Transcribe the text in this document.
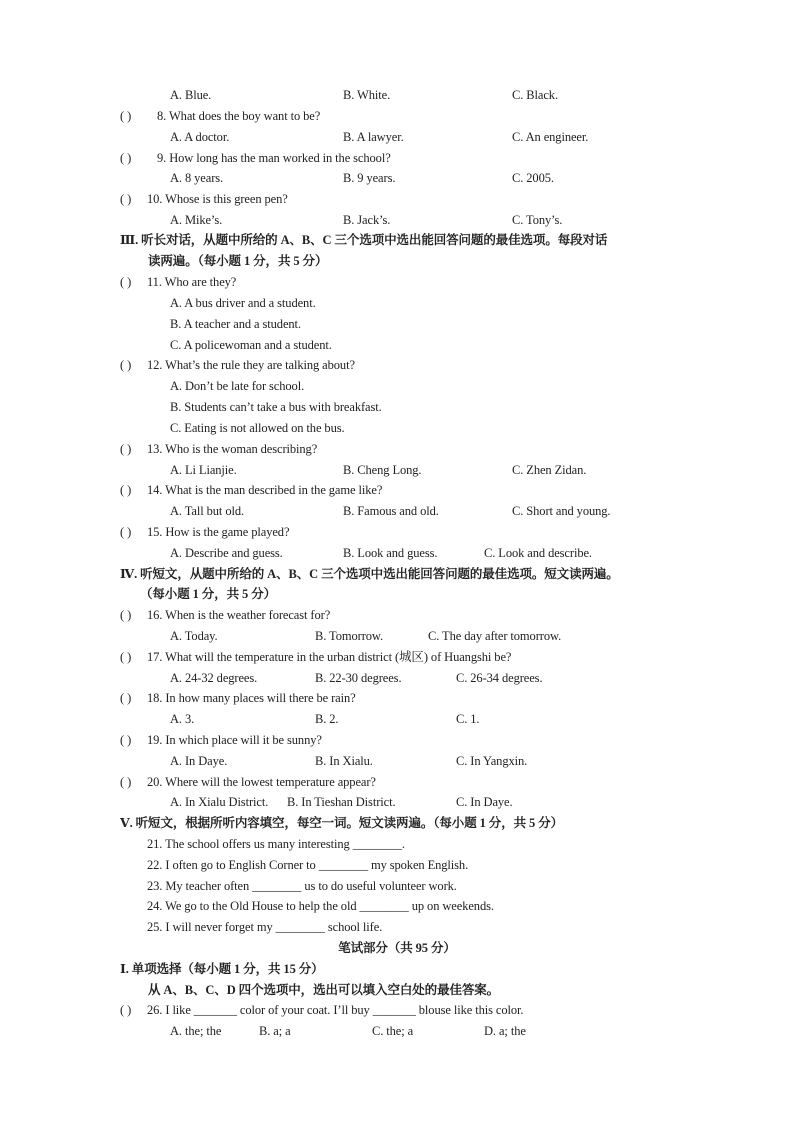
A. Blue.	B. White.	C. Black.
( ) 8. What does the boy want to be?
A. A doctor.	B. A lawyer.	C. An engineer.
( ) 9. How long has the man worked in the school?
A. 8 years.	B. 9 years.	C. 2005.
( ) 10. Whose is this green pen?
A. Mike’s.	B. Jack’s.	C. Tony’s.
Ⅲ. 听长对话，从题中所给的 A、B、C 三个选项中选出能回答问题的最佳选项。每段对话
读两遍。（每小题 1 分，共 5 分）
( ) 11. Who are they?
A. A bus driver and a student.
B. A teacher and a student.
C. A policewoman and a student.
( ) 12. What’s the rule they are talking about?
A. Don’t be late for school.
B. Students can’t take a bus with breakfast.
C. Eating is not allowed on the bus.
( ) 13. Who is the woman describing?
A. Li Lianjie.	B. Cheng Long.	C. Zhen Zidan.
( ) 14. What is the man described in the game like?
A. Tall but old.	B. Famous and old.	C. Short and young.
( ) 15. How is the game played?
A. Describe and guess.	B. Look and guess.	C. Look and describe.
Ⅳ. 听短文，从题中所给的 A、B、C 三个选项中选出能回答问题的最佳选项。短文读两遍。
（每小题 1 分，共 5 分）
( ) 16. When is the weather forecast for?
A. Today.	B. Tomorrow.	C. The day after tomorrow.
( ) 17. What will the temperature in the urban district (城区) of Huangshi be?
A. 24-32 degrees.	B. 22-30 degrees.	C. 26-34 degrees.
( ) 18. In how many places will there be rain?
A. 3.	B. 2.	C. 1.
( ) 19. In which place will it be sunny?
A. In Daye.	B. In Xialu.	C. In Yangxin.
( ) 20. Where will the lowest temperature appear?
A. In Xialu District. B. In Tieshan District.	C. In Daye.
Ⅴ. 听短文，根据所听内容填空，每空一词。短文读两遍。（每小题 1 分，共 5 分）
21. The school offers us many interesting ________.
22. I often go to English Corner to ________ my spoken English.
23. My teacher often ________ us to do useful volunteer work.
24. We go to the Old House to help the old ________ up on weekends.
25. I will never forget my ________ school life.
笔试部分（共 95 分）
Ⅰ. 单项选择（每小题 1 分，共 15 分）
从 A、B、C、D 四个选项中，选出可以填入空白处的最佳答案。
( ) 26. I like _______ color of your coat. I’ll buy _______ blouse like this color.
A. the; the	B. a; a	C. the; a	D. a; the
